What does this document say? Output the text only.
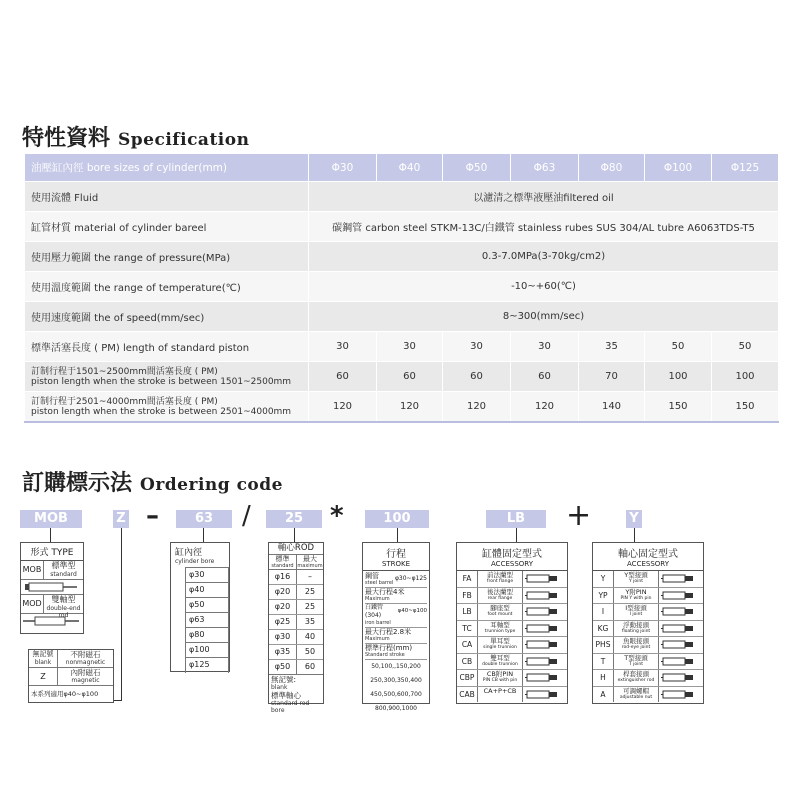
特性資料 Specification
油壓缸內徑 bore sizes of cylinder(mm)	Φ30	Φ40	Φ50	Φ63	Φ80	Φ100	Φ125
使用流體 Fluid	以濾清之標準液壓油filtered oil						
缸管材質 material of cylinder bareel	碳鋼管 carbon steel STKM-13C/白鐵管 stainless rubes SUS 304/AL tubre A6063TDS-T5						
使用壓力範圍 the range of pressure(MPa)	0.3-7.0MPa(3-70kg/cm2)						
使用溫度範圍 the range of temperature(℃)	-10~+60(℃)						
使用速度範圍 the of speed(mm/sec)	8~300(mm/sec)						
標準活塞長度 ( PM) length of standard piston	30	30	30	30	35	50	50

訂制行程于1501~2500mm間活塞長度 ( PM)
piston length when the stroke is between 1501~2500mm	60	60	60	60	70	100	100

訂制行程于2501~4000mm間活塞長度 ( PM)
piston length when the stroke is between 2501~4000mm	120	120	120	120	140	150	150
訂購標示法 Ordering code
MOB	Z –	63	/	25	*	100	LB	+	Y
形式 TYPE
MOB	標準型
standard
MOD	雙軸型
double-end rod
無記號
blank
不附磁石
nonmagnetic
Z	內附磁石
magnetic
本系列適用φ40~φ100
缸內徑
cylinder bore
φ30
φ40
φ50
φ63
φ80
φ100
φ125
軸心ROD
標準
standard
最大
maximum
φ16	–
φ20	25
φ20	25
φ25	35
φ30	40
φ35	50
φ50	60
無記號:
blank
標準軸心
standard rod bore
行程
STROKE
鋼管
steel barrel
φ30~φ125
最大行程4米
Maximum
白鐵管(304)
iron barrel
φ40~φ100
最大行程2.8米
Maximum
標準行程(mm)
Standard stroke
50,100,,150,200
250,300,350,400
450,500,600,700
800,900,1000
缸體固定型式
ACCESSORY
FA	前法蘭型
front flange
FB	後法蘭型
rear flange
LB	腳座型
foot mount
TC	耳軸型
trunnion type
CA	單耳型
single trunnion
CB	雙耳型
double trunnion
CBP	CB附PIN
PIN CB with pin
CAB	CA+P+CB
軸心固定型式
ACCESSORY
Y	Y型接頭
Y joint
YP	Y附PIN
PIN Y with pin
I	I型接頭
I joint
KG	浮動接頭
floating joint
PHS	魚眼接頭
rod-eye joint
T	T型接頭
T joint
H	桿套接頭
extinguisher rod
A	可調螺帽
adjustable nut
